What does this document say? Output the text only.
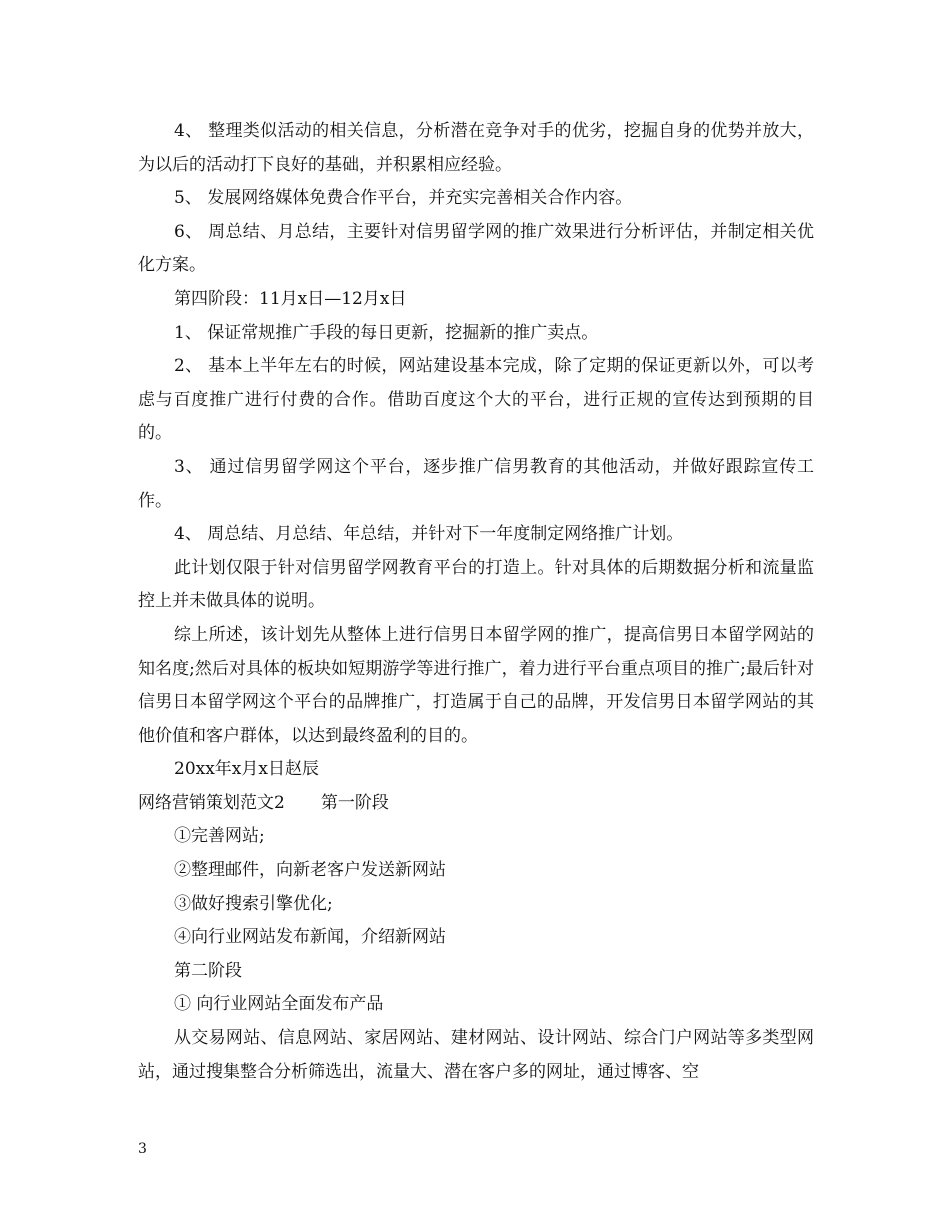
4、 整理类似活动的相关信息，分析潜在竞争对手的优劣，挖掘自身的优势并放大，为以后的活动打下良好的基础，并积累相应经验。

5、 发展网络媒体免费合作平台，并充实完善相关合作内容。

6、 周总结、月总结，主要针对信男留学网的推广效果进行分析评估，并制定相关优化方案。

第四阶段：11月x日—12月x日

1、 保证常规推广手段的每日更新，挖掘新的推广卖点。

2、 基本上半年左右的时候，网站建设基本完成，除了定期的保证更新以外，可以考虑与百度推广进行付费的合作。借助百度这个大的平台，进行正规的宣传达到预期的目的。

3、 通过信男留学网这个平台，逐步推广信男教育的其他活动，并做好跟踪宣传工作。

4、 周总结、月总结、年总结，并针对下一年度制定网络推广计划。

此计划仅限于针对信男留学网教育平台的打造上。针对具体的后期数据分析和流量监控上并未做具体的说明。

综上所述，该计划先从整体上进行信男日本留学网的推广，提高信男日本留学网站的知名度;然后对具体的板块如短期游学等进行推广，着力进行平台重点项目的推广;最后针对信男日本留学网这个平台的品牌推广，打造属于自己的品牌，开发信男日本留学网站的其他价值和客户群体，以达到最终盈利的目的。

20xx年x月x日赵辰

网络营销策划范文2 第一阶段

①完善网站;

②整理邮件，向新老客户发送新网站

③做好搜索引擎优化;

④向行业网站发布新闻，介绍新网站

第二阶段

① 向行业网站全面发布产品

从交易网站、信息网站、家居网站、建材网站、设计网站、综合门户网站等多类型网站，通过搜集整合分析筛选出，流量大、潜在客户多的网址，通过博客、空

3
